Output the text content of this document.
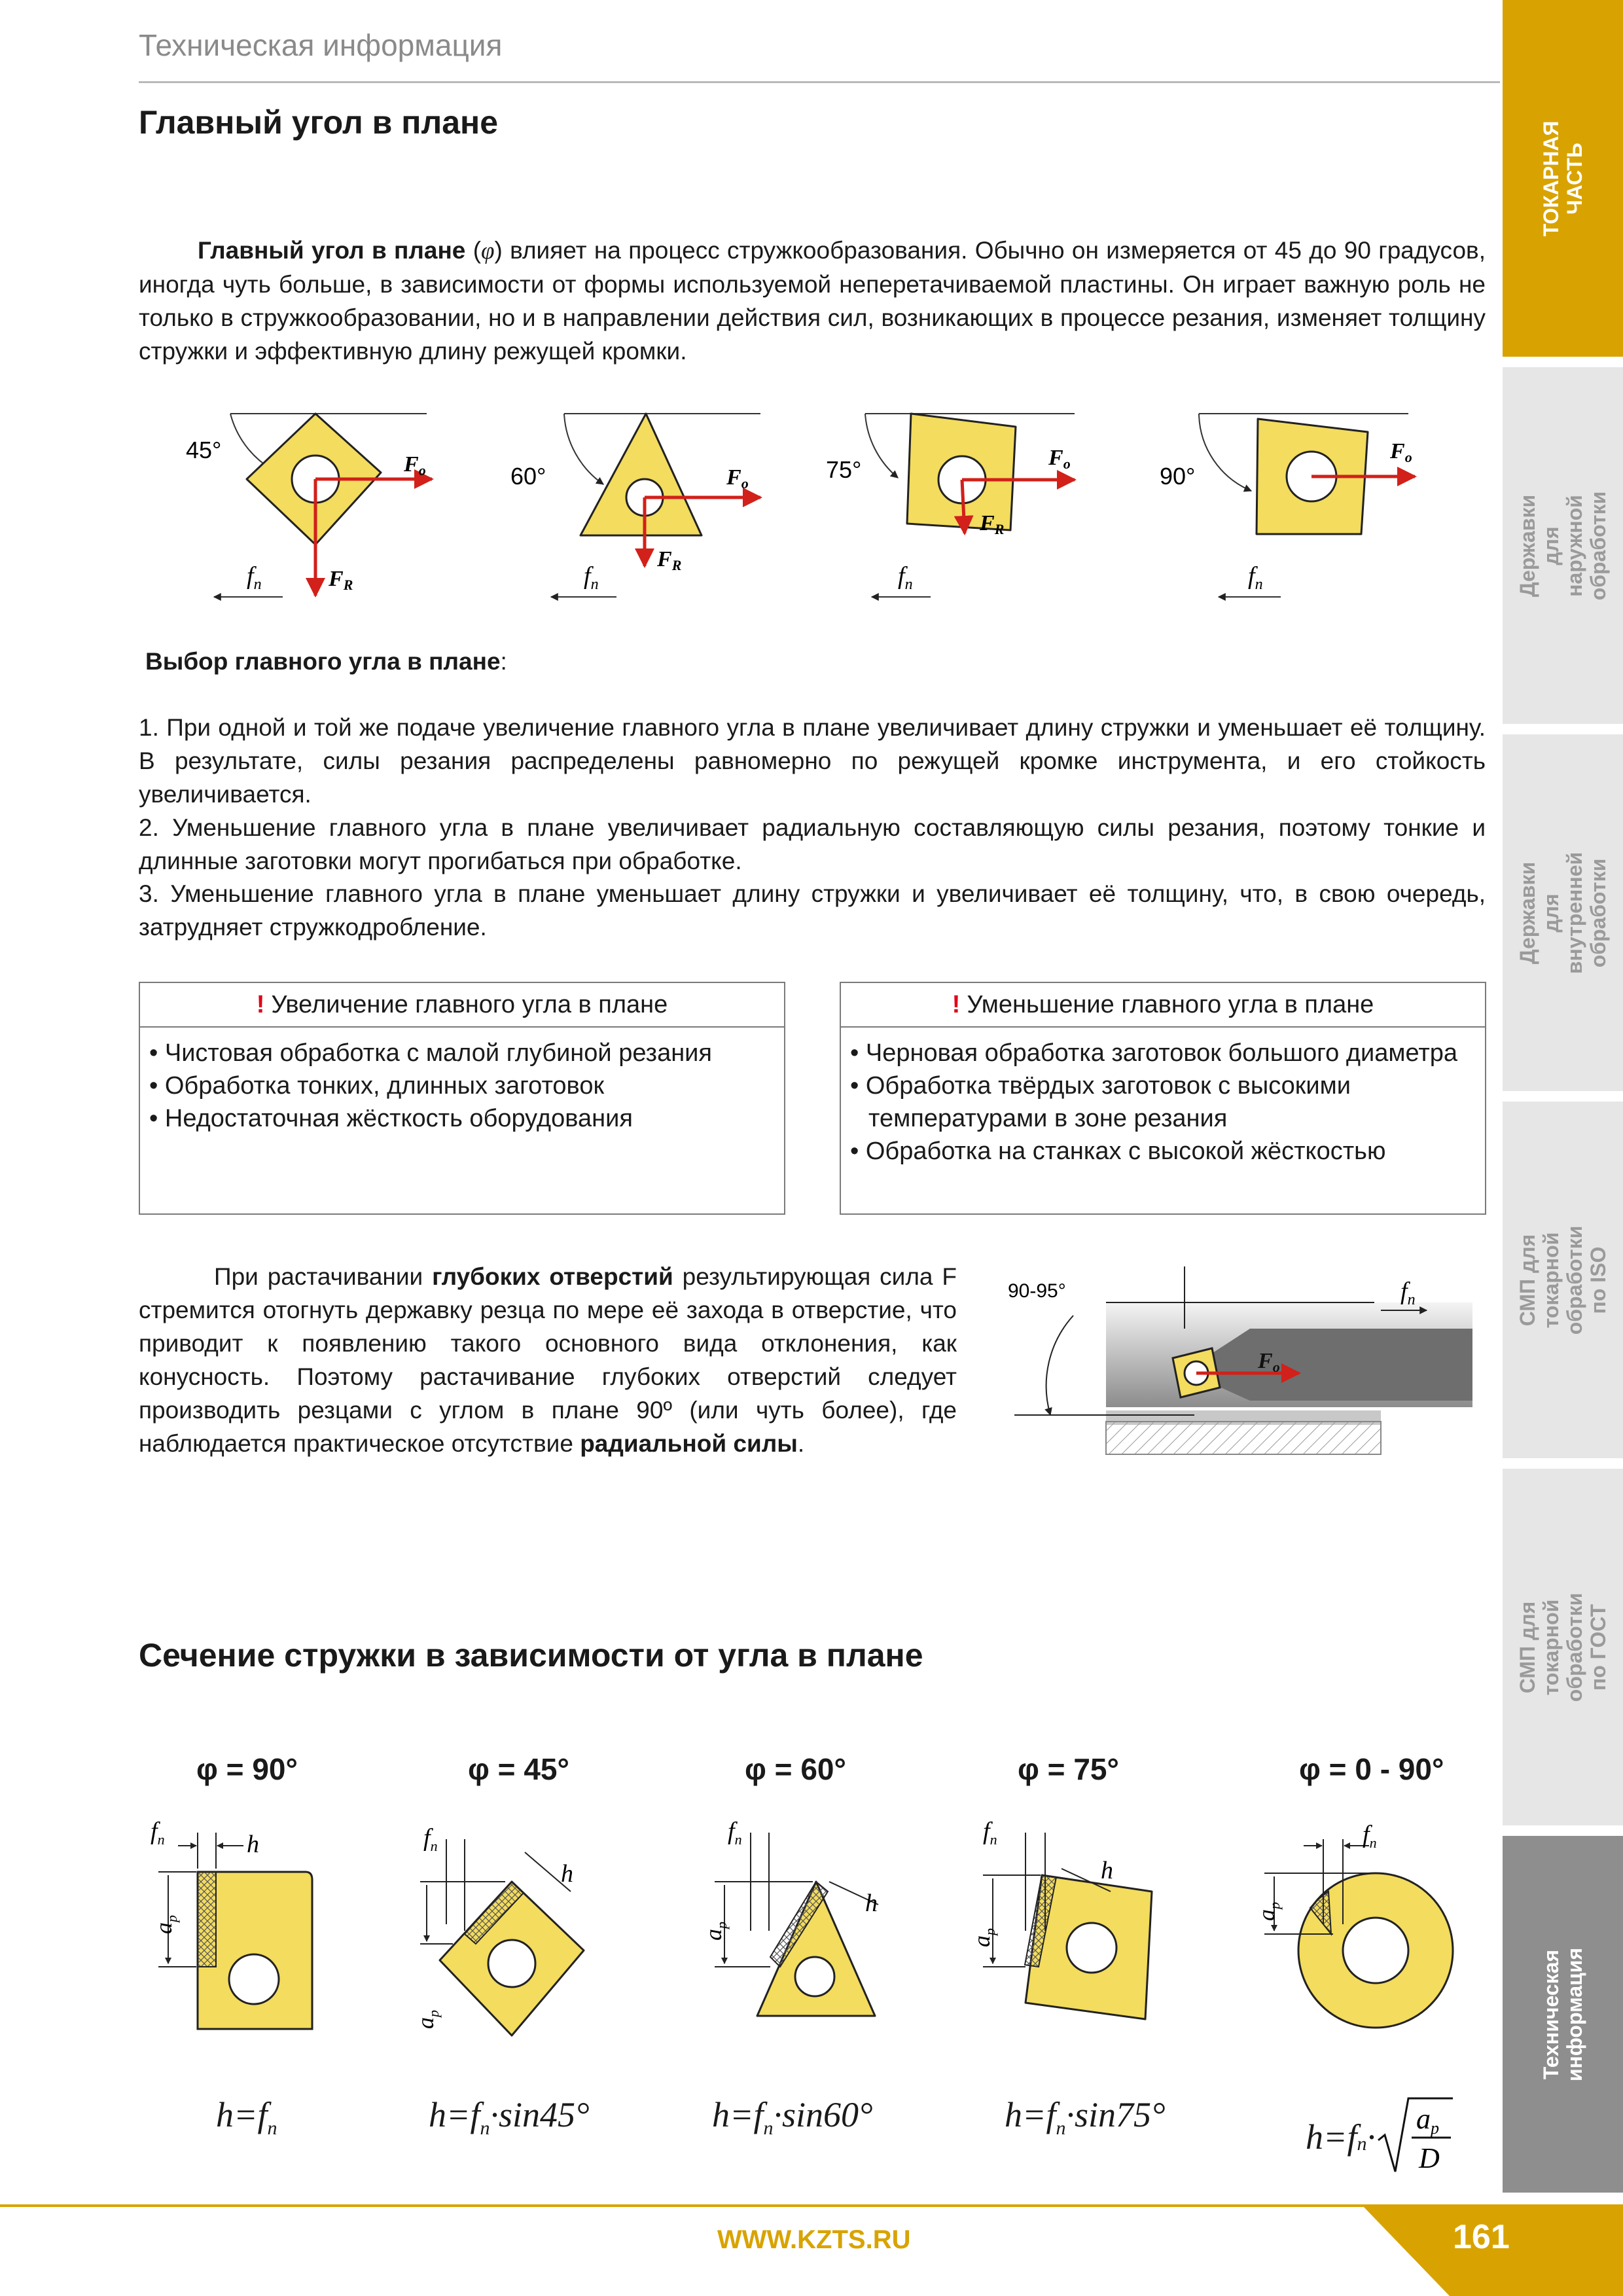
Техническая информация
ТОКАРНАЯ
ЧАСТЬ
Державки для
наружной обработки
Державки для
внутренней обработки
СМП для токарной
обработки по ISO
СМП для токарной
обработки по ГОСТ
Техническая
информация
Главный угол в плане

Главный угол в плане (φ) влияет на процесс стружкообразования. Обычно он измеряется от 45 до 90 градусов, иногда чуть больше, в зависимости от формы используемой неперетачиваемой пластины. Он играет важную роль не только в стружкообразовании, но и в направлении действия сил, возникающих в процессе резания, изменяет толщину стружки и эффективную длину режущей кромки.

45°
Fo
FR
$f_n$
60°	Fo
FR
$f_n$
75°	Fo
FR
$f_n$
90°
Fo
$f_n$

Выбор главного угла в плане:

1. При одной и той же подаче увеличение главного угла в плане увеличивает длину стружки и уменьшает её толщину. В результате, силы резания распределены равномерно по режущей кромке инструмента, и его стойкость увеличивается.

2. Уменьшение главного угла в плане увеличивает радиальную составляющую силы резания, поэтому тонкие и длинные заготовки могут прогибаться при обработке.

3. Уменьшение главного угла в плане уменьшает длину стружки и увеличивает её толщину, что, в свою очередь, затрудняет стружкодробление.

! Увеличение главного угла в плане
• Чистовая обработка с малой глубиной резания
• Обработка тонких, длинных заготовок
• Недостаточная жёсткость оборудования
! Уменьшение главного угла в плане
• Черновая обработка заготовок большого диаметра
• Обработка твёрдых заготовок с высокими температурами в зоне резания
• Обработка на станках с высокой жёсткостью

При растачивании глубоких отверстий результирующая сила F стремится отогнуть державку резца по мере её захода в отверстие, что приводит к появлению такого основного вида отклонения, как конусность. Поэтому растачивание глубоких отверстий следует производить резцами с углом в плане 90º (или чуть более), где наблюдается практическое отсутствие радиальной силы.

Fo
90-95°	$f_n$
Сечение стружки в зависимости от угла в плане
φ = 90°	φ = 45°	φ = 60°	φ = 75°	φ = 0 - 90°
$a_p$
$f_n$	h	$f_n$
h
$a_p$
$f_n$
h
$a_p$
$f_n$
h
$a_p$
$f_n$
$a_p$
$h=f_n$	$h=f_n\cdot\sin 45^\circ$	$h=f_n\cdot\sin 60^\circ$	$h=f_n\cdot\sin 75^\circ$
$h=f_n$ · ap
D
WWW.KZTS.RU	161
